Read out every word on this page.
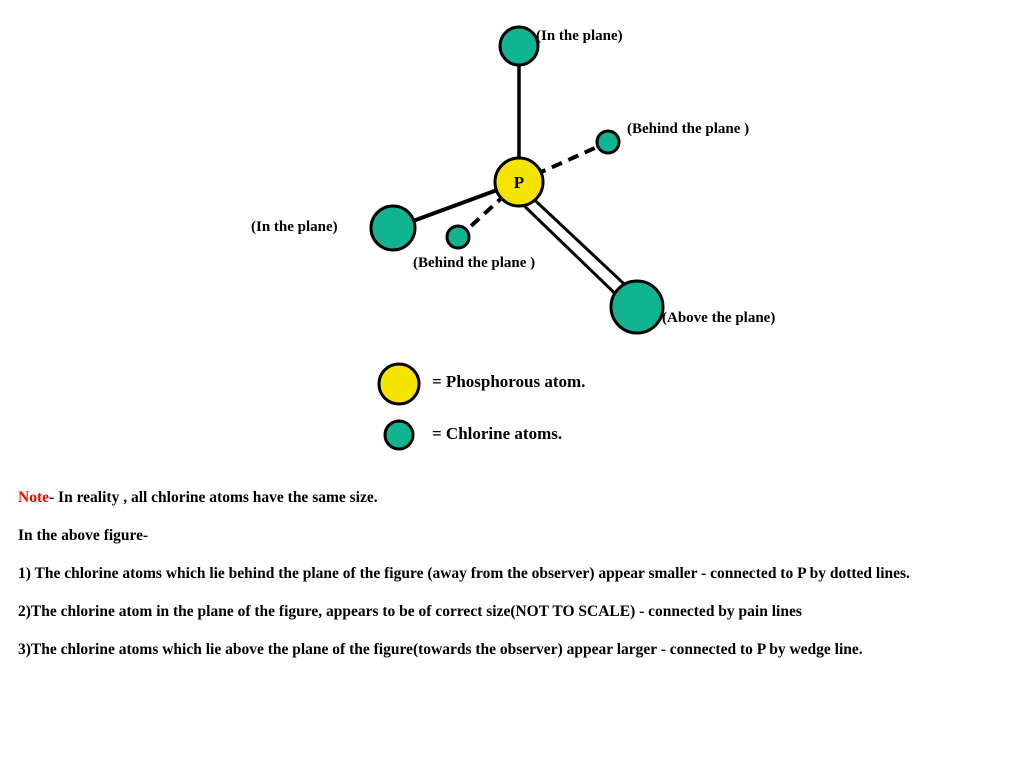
P
(In the plane)
(Behind the plane )
(In the plane)
(Behind the plane )
(Above the plane)
= Phosphorous atom.
= Chlorine atoms.
Note- In reality , all chlorine atoms have the same size.
In the above figure-
1) The chlorine atoms which lie behind the plane of the figure (away from the observer) appear smaller - connected to P by dotted lines.
2)The chlorine atom in the plane of the figure, appears to be of correct size(NOT TO SCALE) - connected by pain lines
3)The chlorine atoms which lie above the plane of the figure(towards the observer) appear larger - connected to P by wedge line.
